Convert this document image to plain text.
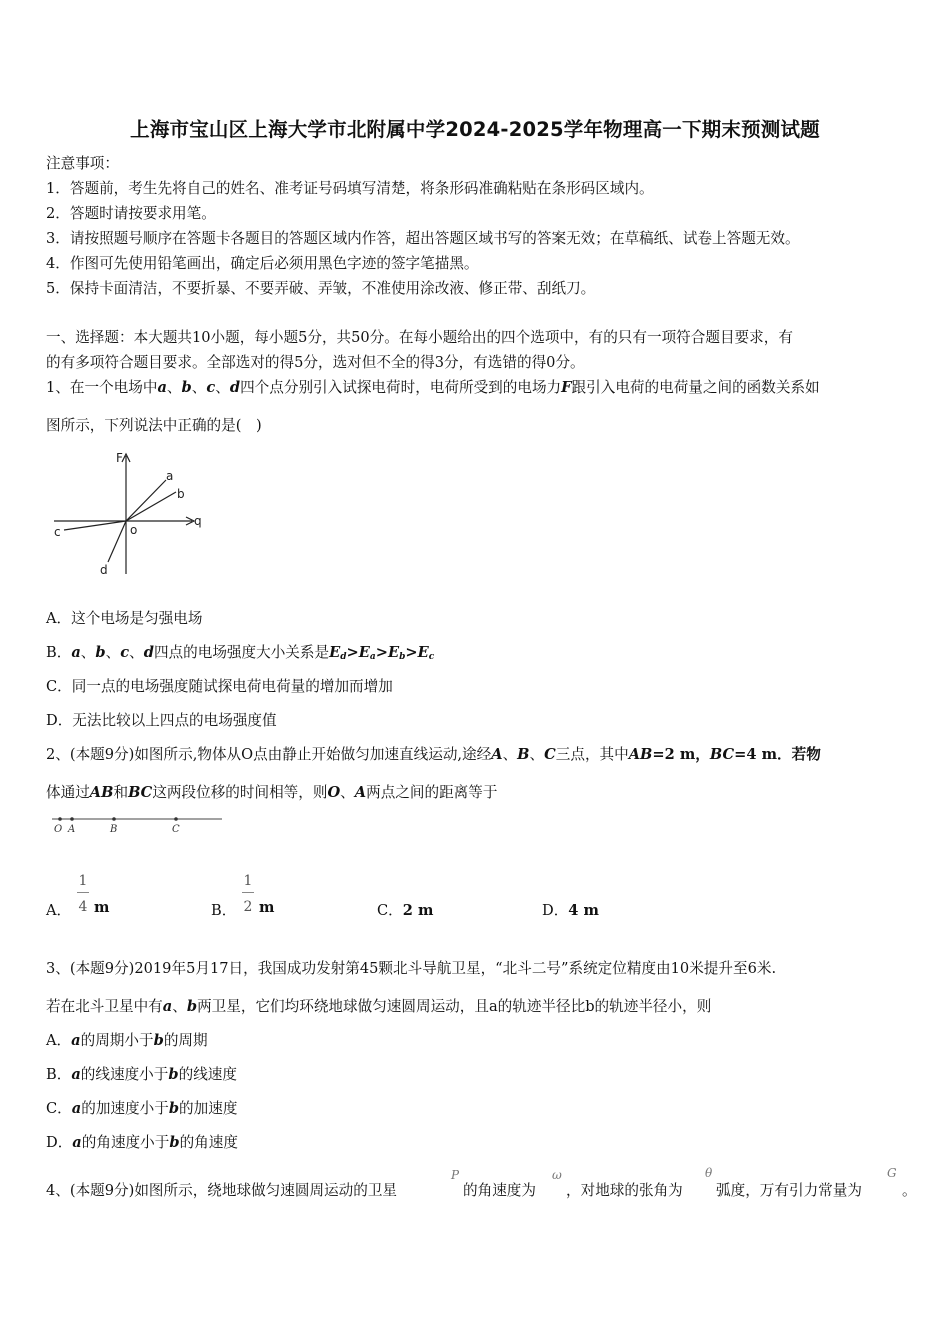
上海市宝山区上海大学市北附属中学2024-2025学年物理高一下期末预测试题
注意事项：
1．答题前，考生先将自己的姓名、准考证号码填写清楚，将条形码准确粘贴在条形码区域内。
2．答题时请按要求用笔。
3．请按照题号顺序在答题卡各题目的答题区域内作答，超出答题区域书写的答案无效；在草稿纸、试卷上答题无效。
4．作图可先使用铅笔画出，确定后必须用黑色字迹的签字笔描黑。
5．保持卡面清洁，不要折暴、不要弄破、弄皱，不准使用涂改液、修正带、刮纸刀。
一、选择题：本大题共10小题，每小题5分，共50分。在每小题给出的四个选项中，有的只有一项符合题目要求，有
的有多项符合题目要求。全部选对的得5分，选对但不全的得3分，有选错的得0分。
1、在一个电场中a、b、c、d四个点分别引入试探电荷时，电荷所受到的电场力F跟引入电荷的电荷量之间的函数关系如
图所示，下列说法中正确的是(　)
F
q
o
a
b
c
d
A．这个电场是匀强电场
B．a、b、c、d四点的电场强度大小关系是$E_d>E_a>E_b>E_c$
C．同一点的电场强度随试探电荷电荷量的增加而增加
D．无法比较以上四点的电场强度值
2、(本题9分)如图所示,物体从O点由静止开始做匀加速直线运动,途经A、B、C三点，其中AB=2 m，BC=4 m．若物
体通过AB和BC这两段位移的时间相等，则O、A两点之间的距离等于
O A	B	C
A．
1
4 m	B．
1
2 m	C．2 m	D．4 m
3、(本题9分)2019年5月17日，我国成功发射第45颗北斗导航卫星，“北斗二号”系统定位精度由10米提升至6米.
若在北斗卫星中有a、b两卫星，它们均环绕地球做匀速圆周运动，且a的轨迹半径比b的轨迹半径小，则
A．a的周期小于b的周期
B．a的线速度小于b的线速度
C．a的加速度小于b的加速度
D．a的角速度小于b的角速度
4、(本题9分)如图所示，绕地球做匀速圆周运动的卫星
P
的角速度为
ω
，对地球的张角为
θ
弧度，万有引力常量为
G
。
